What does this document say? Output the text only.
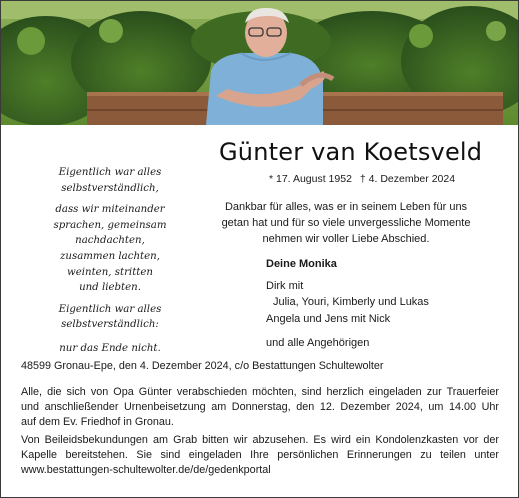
Günter van Koetsveld
* 17. August 1952 † 4. Dezember 2024
Eigentlich war alles
selbstverständlich,
dass wir miteinander
sprachen, gemeinsam
nachdachten,
zusammen lachten,
weinten, stritten
und liebten.
Eigentlich war alles
selbstverständlich:
nur das Ende nicht.
Dankbar für alles, was er in seinem Leben für uns
getan hat und für so viele unvergessliche Momente
nehmen wir voller Liebe Abschied.
Deine Monika
Dirk mit
Julia, Youri, Kimberly und Lukas
Angela und Jens mit Nick
und alle Angehörigen
48599 Gronau-Epe, den 4. Dezember 2024, c/o Bestattungen Schultewolter
Alle, die sich von Opa Günter verabschieden möchten, sind herzlich eingeladen zur Trauerfeier
und anschließender Urnenbeisetzung am Donnerstag, den 12. Dezember 2024, um 14.00 Uhr
auf dem Ev. Friedhof in Gronau.
Von Beileidsbekundungen am Grab bitten wir abzusehen. Es wird ein Kondolenzkasten vor der
Kapelle bereitstehen. Sie sind eingeladen Ihre persönlichen Erinnerungen zu teilen unter
www.bestattungen-schultewolter.de/de/gedenkportal
